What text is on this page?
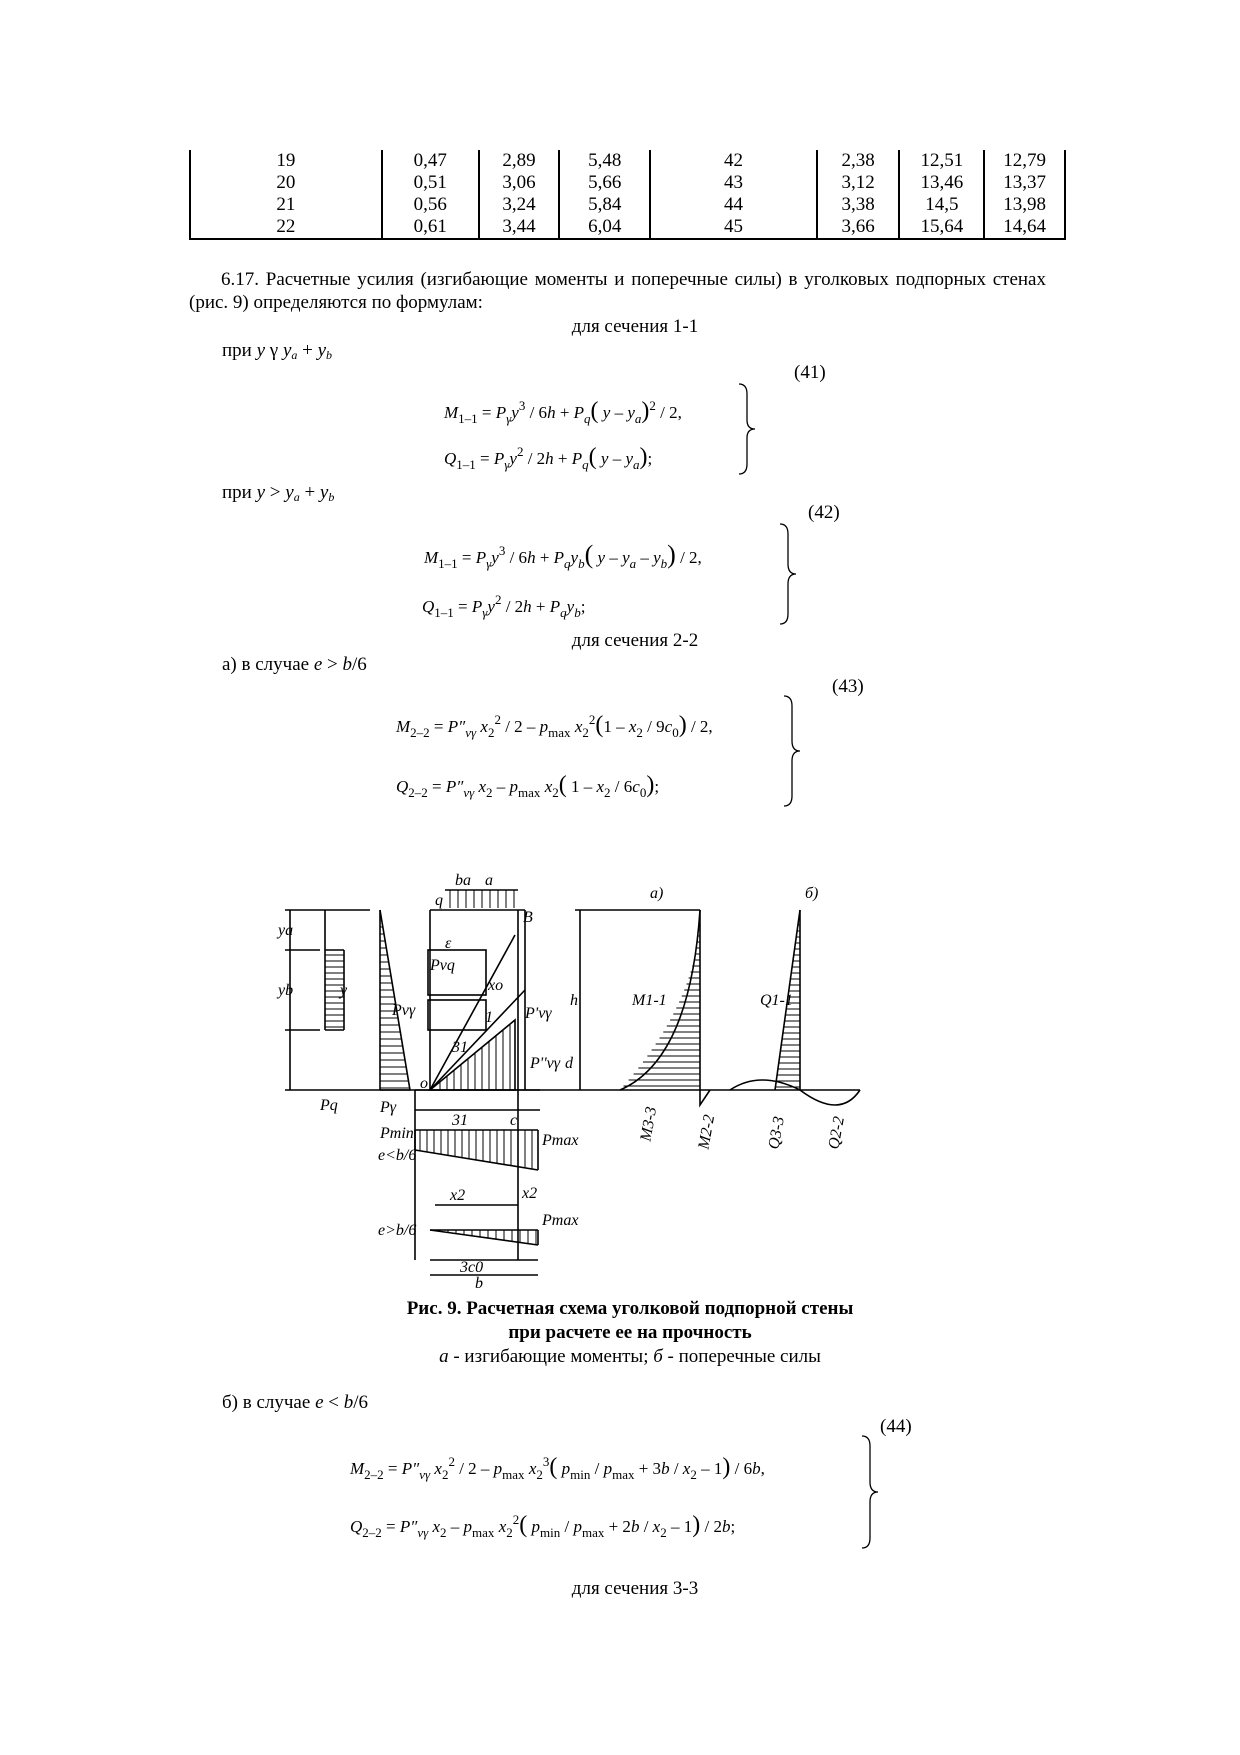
19	0,47	2,89	5,48	42	2,38	12,51	12,79
20	0,51	3,06	5,66	43	3,12	13,46	13,37
21	0,56	3,24	5,84	44	3,38	14,5	13,98
22	0,61	3,44	6,04	45	3,66	15,64	14,64
6.17. Расчетные усилия (изгибающие моменты и поперечные силы) в уголковых подпорных стенах (рис. 9) определяются по формулам:
для сечения 1-1
при y γ ya + yb
(41)
$M_{1-1} = P_\gamma y^3 / 6h + P_q$( y – $y_a)^2 / 2$,
$Q_{1-1} = P_\gamma y^2 / 2h + P_q$( y – $y_a$);
при y > ya + yb
(42)
$M_{1-1} = P_\gamma y^3 / 6h + P_qy_b$( y – $y_a - y_b) / 2$,
$Q_{1-1} = P_\gamma y^2 / 2h + P_qy_b$;
для сечения 2-2
а) в случае e > b/6
(43)
$M_{2-2} = P''_{v\gamma}$ $x_2^2 / 2 - p_{max}$ $x_2^2(1 - x_2 / 9c_0) / 2$,
$Q_{2-2} = P''_{v\gamma}$ $x_2 - p_{max}$ $x_2$( $1 - x_2 / 6c_0$);
а)	б)
M1-1	Q1-1
M3-3 M2-2	Q3-3 Q2-2
Pq	Pγ
Pmin	Pmax
Pmax
e<b/6
e>b/6
x2	x2
3c0
b
q
ba a
h
y
ya
yb
o
31
31
1
Pvq
Pvγ	P'vγ
P''vγ
ε
c
d
xo
B
Рис. 9. Расчетная схема уголковой подпорной стены
при расчете ее на прочность
а - изгибающие моменты; б - поперечные силы
б) в случае e < b/6
(44)
$M_{2-2} = P''_{v\gamma}$ $x_2^2 / 2 - p_{max}$ $x_2^3$( $p_{min} / p_{max} + 3b / x_2 - 1) / 6b$,
$Q_{2-2} = P''_{v\gamma}$ $x_2 - p_{max}$ $x_2^2$( $p_{min} / p_{max} + 2b / x_2 - 1) / 2b$;
для сечения 3-3
